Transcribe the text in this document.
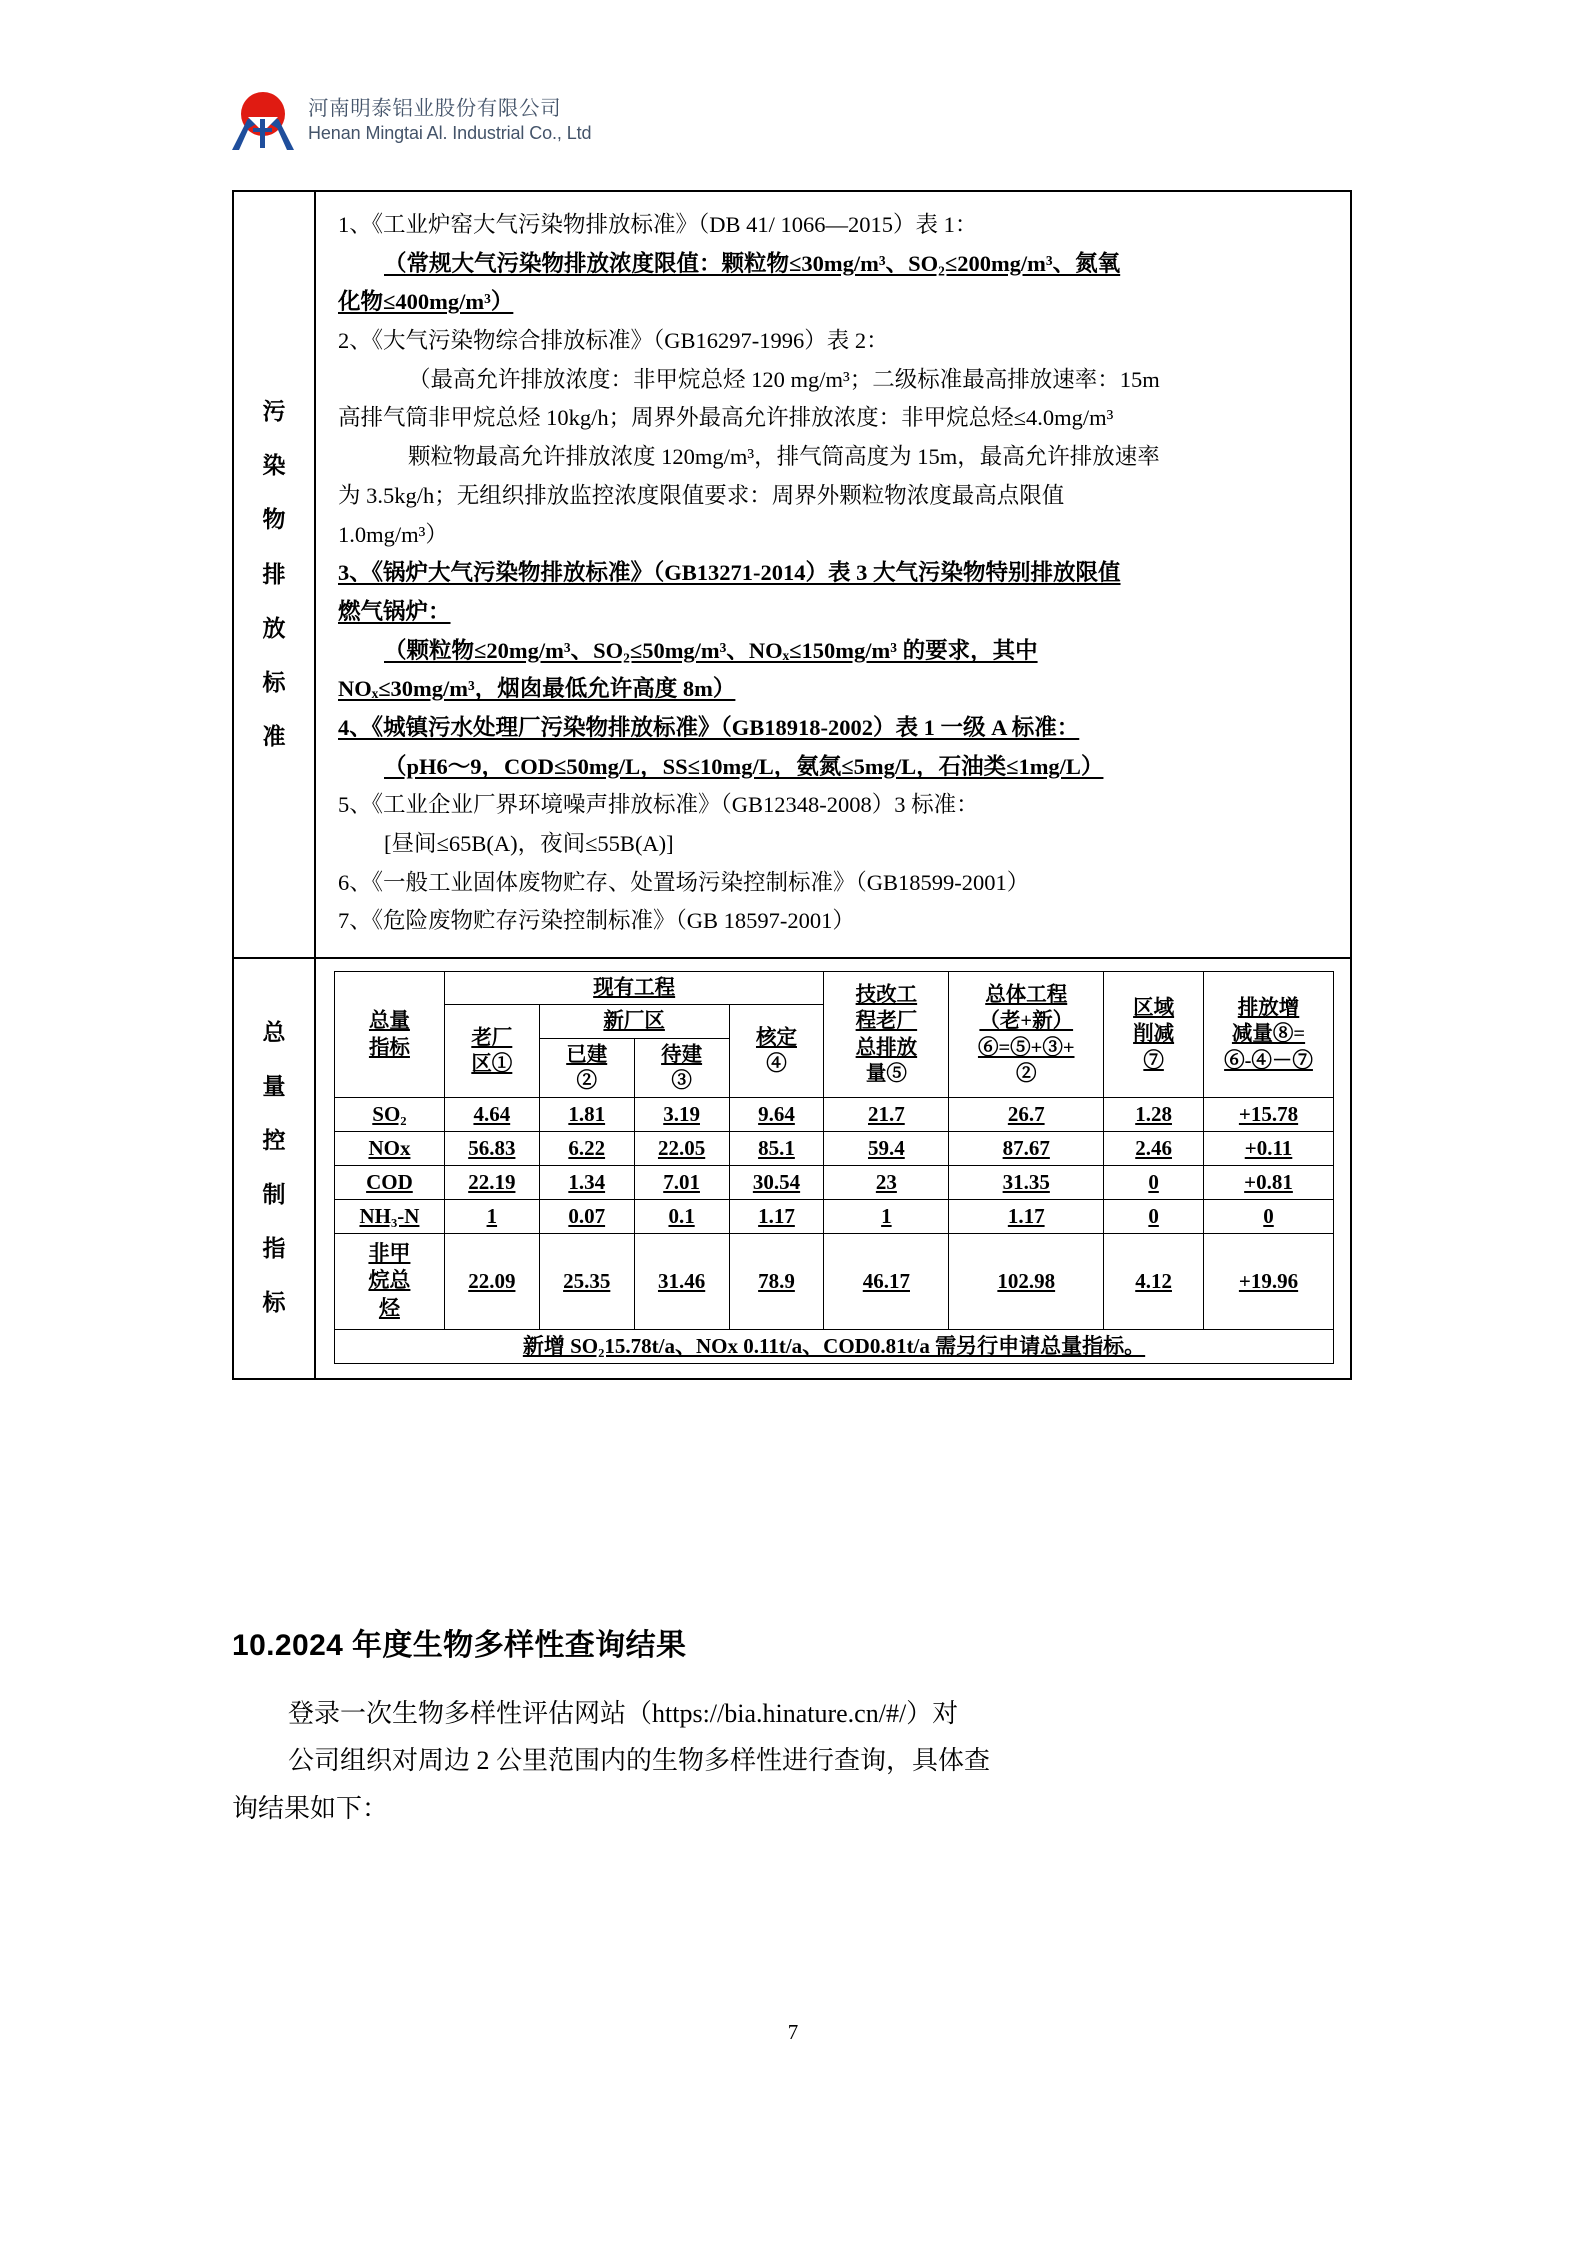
河南明泰铝业股份有限公司
Henan Mingtai Al. Industrial Co., Ltd
污
染
物
排
放
标
准

1、《工业炉窑大气污染物排放标准》（DB 41/ 1066—2015）表 1：

（常规大气污染物排放浓度限值：颗粒物≤30mg/m³、SO₂≤200mg/m³、氮氧

化物≤400mg/m³）

2、《大气污染物综合排放标准》（GB16297-1996）表 2：

（最高允许排放浓度：非甲烷总烃 120 mg/m³；二级标准最高排放速率：15m

高排气筒非甲烷总烃 10kg/h；周界外最高允许排放浓度：非甲烷总烃≤4.0mg/m³

颗粒物最高允许排放浓度 120mg/m³，排气筒高度为 15m，最高允许排放速率

为 3.5kg/h；无组织排放监控浓度限值要求：周界外颗粒物浓度最高点限值

1.0mg/m³）

3、《锅炉大气污染物排放标准》（GB13271-2014）表 3 大气污染物特别排放限值

燃气锅炉：

（颗粒物≤20mg/m³、SO₂≤50mg/m³、NOₓ≤150mg/m³ 的要求，其中

NOₓ≤30mg/m³，烟囱最低允许高度 8m）

4、《城镇污水处理厂污染物排放标准》（GB18918-2002）表 1 一级 A 标准：

（pH6～9，COD≤50mg/L，SS≤10mg/L，氨氮≤5mg/L，石油类≤1mg/L）

5、《工业企业厂界环境噪声排放标准》（GB12348-2008）3 标准：

[昼间≤65B(A)，夜间≤55B(A)]

6、《一般工业固体废物贮存、处置场污染控制标准》（GB18599-2001）

7、《危险废物贮存污染控制标准》（GB 18597-2001）

总
量
控
制
指
标
总量
指标	现有工程				技改工
程老厂
总排放
量⑤	总体工程
（老+新）
⑥=⑤+③+
②	区域
削减
⑦	排放增
减量⑧=
⑥-④－⑦
	老厂
区①	新厂区		核定
④				
		已建
②	待建
③					
SO₂	4.64	1.81	3.19	9.64	21.7	26.7	1.28	+15.78
NOx	56.83	6.22	22.05	85.1	59.4	87.67	2.46	+0.11
COD	22.19	1.34	7.01	30.54	23	31.35	0	+0.81
NH₃-N	1	0.07	0.1	1.17	1	1.17	0	0
非甲
烷总
烃	22.09	25.35	31.46	78.9	46.17	102.98	4.12	+19.96
新增 SO₂15.78t/a、NOx 0.11t/a、COD0.81t/a 需另行申请总量指标。								
10.2024 年度生物多样性查询结果

登录一次生物多样性评估网站（https://bia.hinature.cn/#/）对

公司组织对周边 2 公里范围内的生物多样性进行查询，具体查

询结果如下：

7
